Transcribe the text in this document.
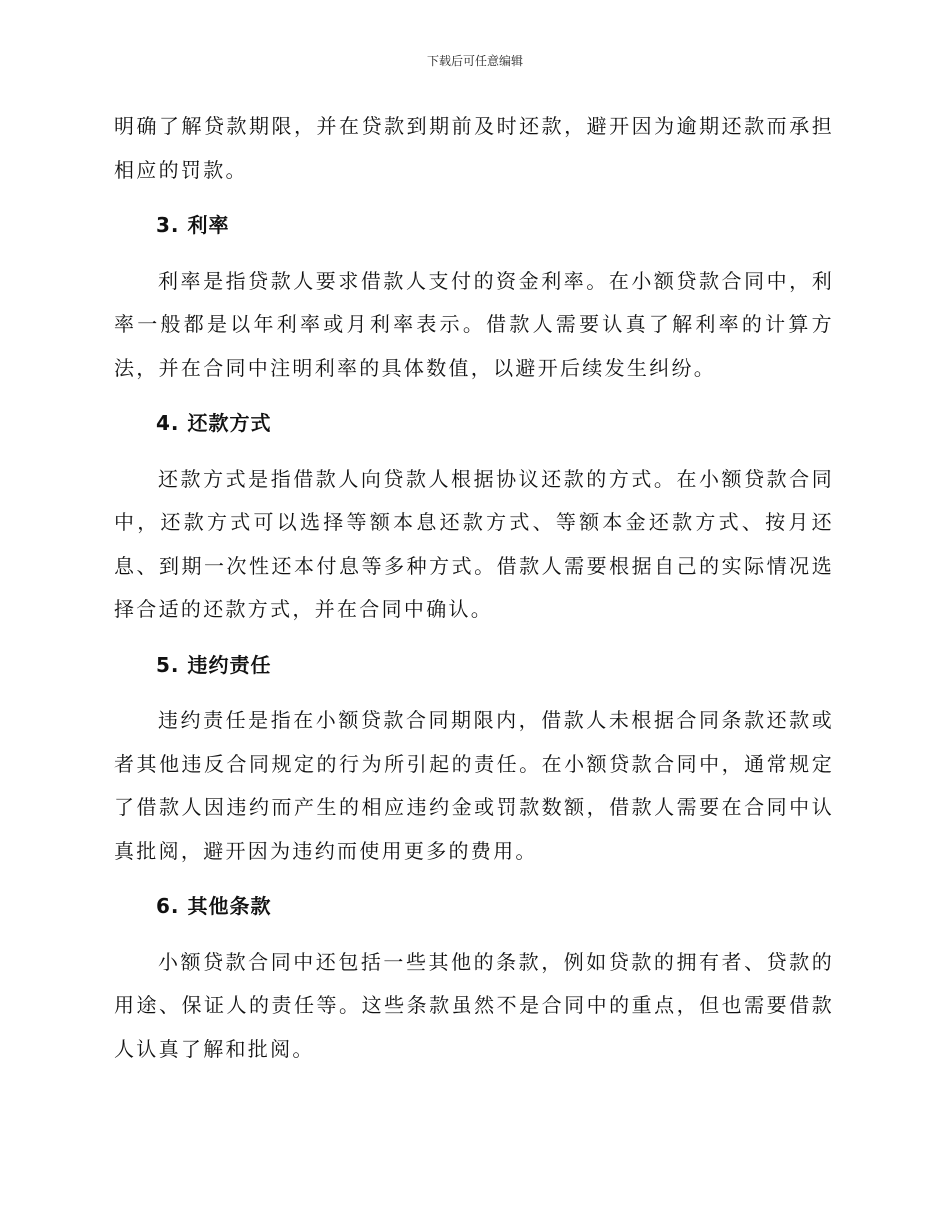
下载后可任意编辑

明确了解贷款期限，并在贷款到期前及时还款，避开因为逾期还款而承担相应的罚款。

3. 利率

利率是指贷款人要求借款人支付的资金利率。在小额贷款合同中，利率一般都是以年利率或月利率表示。借款人需要认真了解利率的计算方法，并在合同中注明利率的具体数值，以避开后续发生纠纷。

4. 还款方式

还款方式是指借款人向贷款人根据协议还款的方式。在小额贷款合同中，还款方式可以选择等额本息还款方式、等额本金还款方式、按月还息、到期一次性还本付息等多种方式。借款人需要根据自己的实际情况选择合适的还款方式，并在合同中确认。

5. 违约责任

违约责任是指在小额贷款合同期限内，借款人未根据合同条款还款或者其他违反合同规定的行为所引起的责任。在小额贷款合同中，通常规定了借款人因违约而产生的相应违约金或罚款数额，借款人需要在合同中认真批阅，避开因为违约而使用更多的费用。

6. 其他条款

小额贷款合同中还包括一些其他的条款，例如贷款的拥有者、贷款的用途、保证人的责任等。这些条款虽然不是合同中的重点，但也需要借款人认真了解和批阅。
